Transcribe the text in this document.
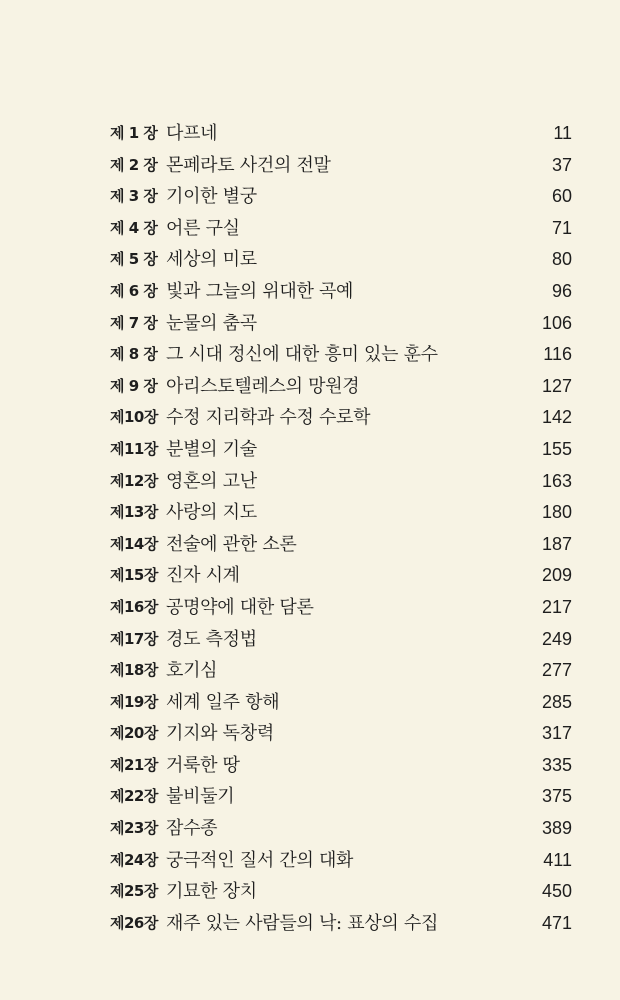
제 1 장 다프네	11
제 2 장 몬페라토 사건의 전말	37
제 3 장 기이한 별궁	60
제 4 장 어른 구실	71
제 5 장 세상의 미로	80
제 6 장 빛과 그늘의 위대한 곡예	96
제 7 장 눈물의 춤곡	106
제 8 장 그 시대 정신에 대한 흥미 있는 훈수	116
제 9 장 아리스토텔레스의 망원경	127
제10장 수정 지리학과 수정 수로학	142
제11장 분별의 기술	155
제12장 영혼의 고난	163
제13장 사랑의 지도	180
제14장 전술에 관한 소론	187
제15장 진자 시계	209
제16장 공명약에 대한 담론	217
제17장 경도 측정법	249
제18장 호기심	277
제19장 세계 일주 항해	285
제20장 기지와 독창력	317
제21장 거룩한 땅	335
제22장 불비둘기	375
제23장 잠수종	389
제24장 궁극적인 질서 간의 대화	411
제25장 기묘한 장치	450
제26장 재주 있는 사람들의 낙: 표상의 수집	471
